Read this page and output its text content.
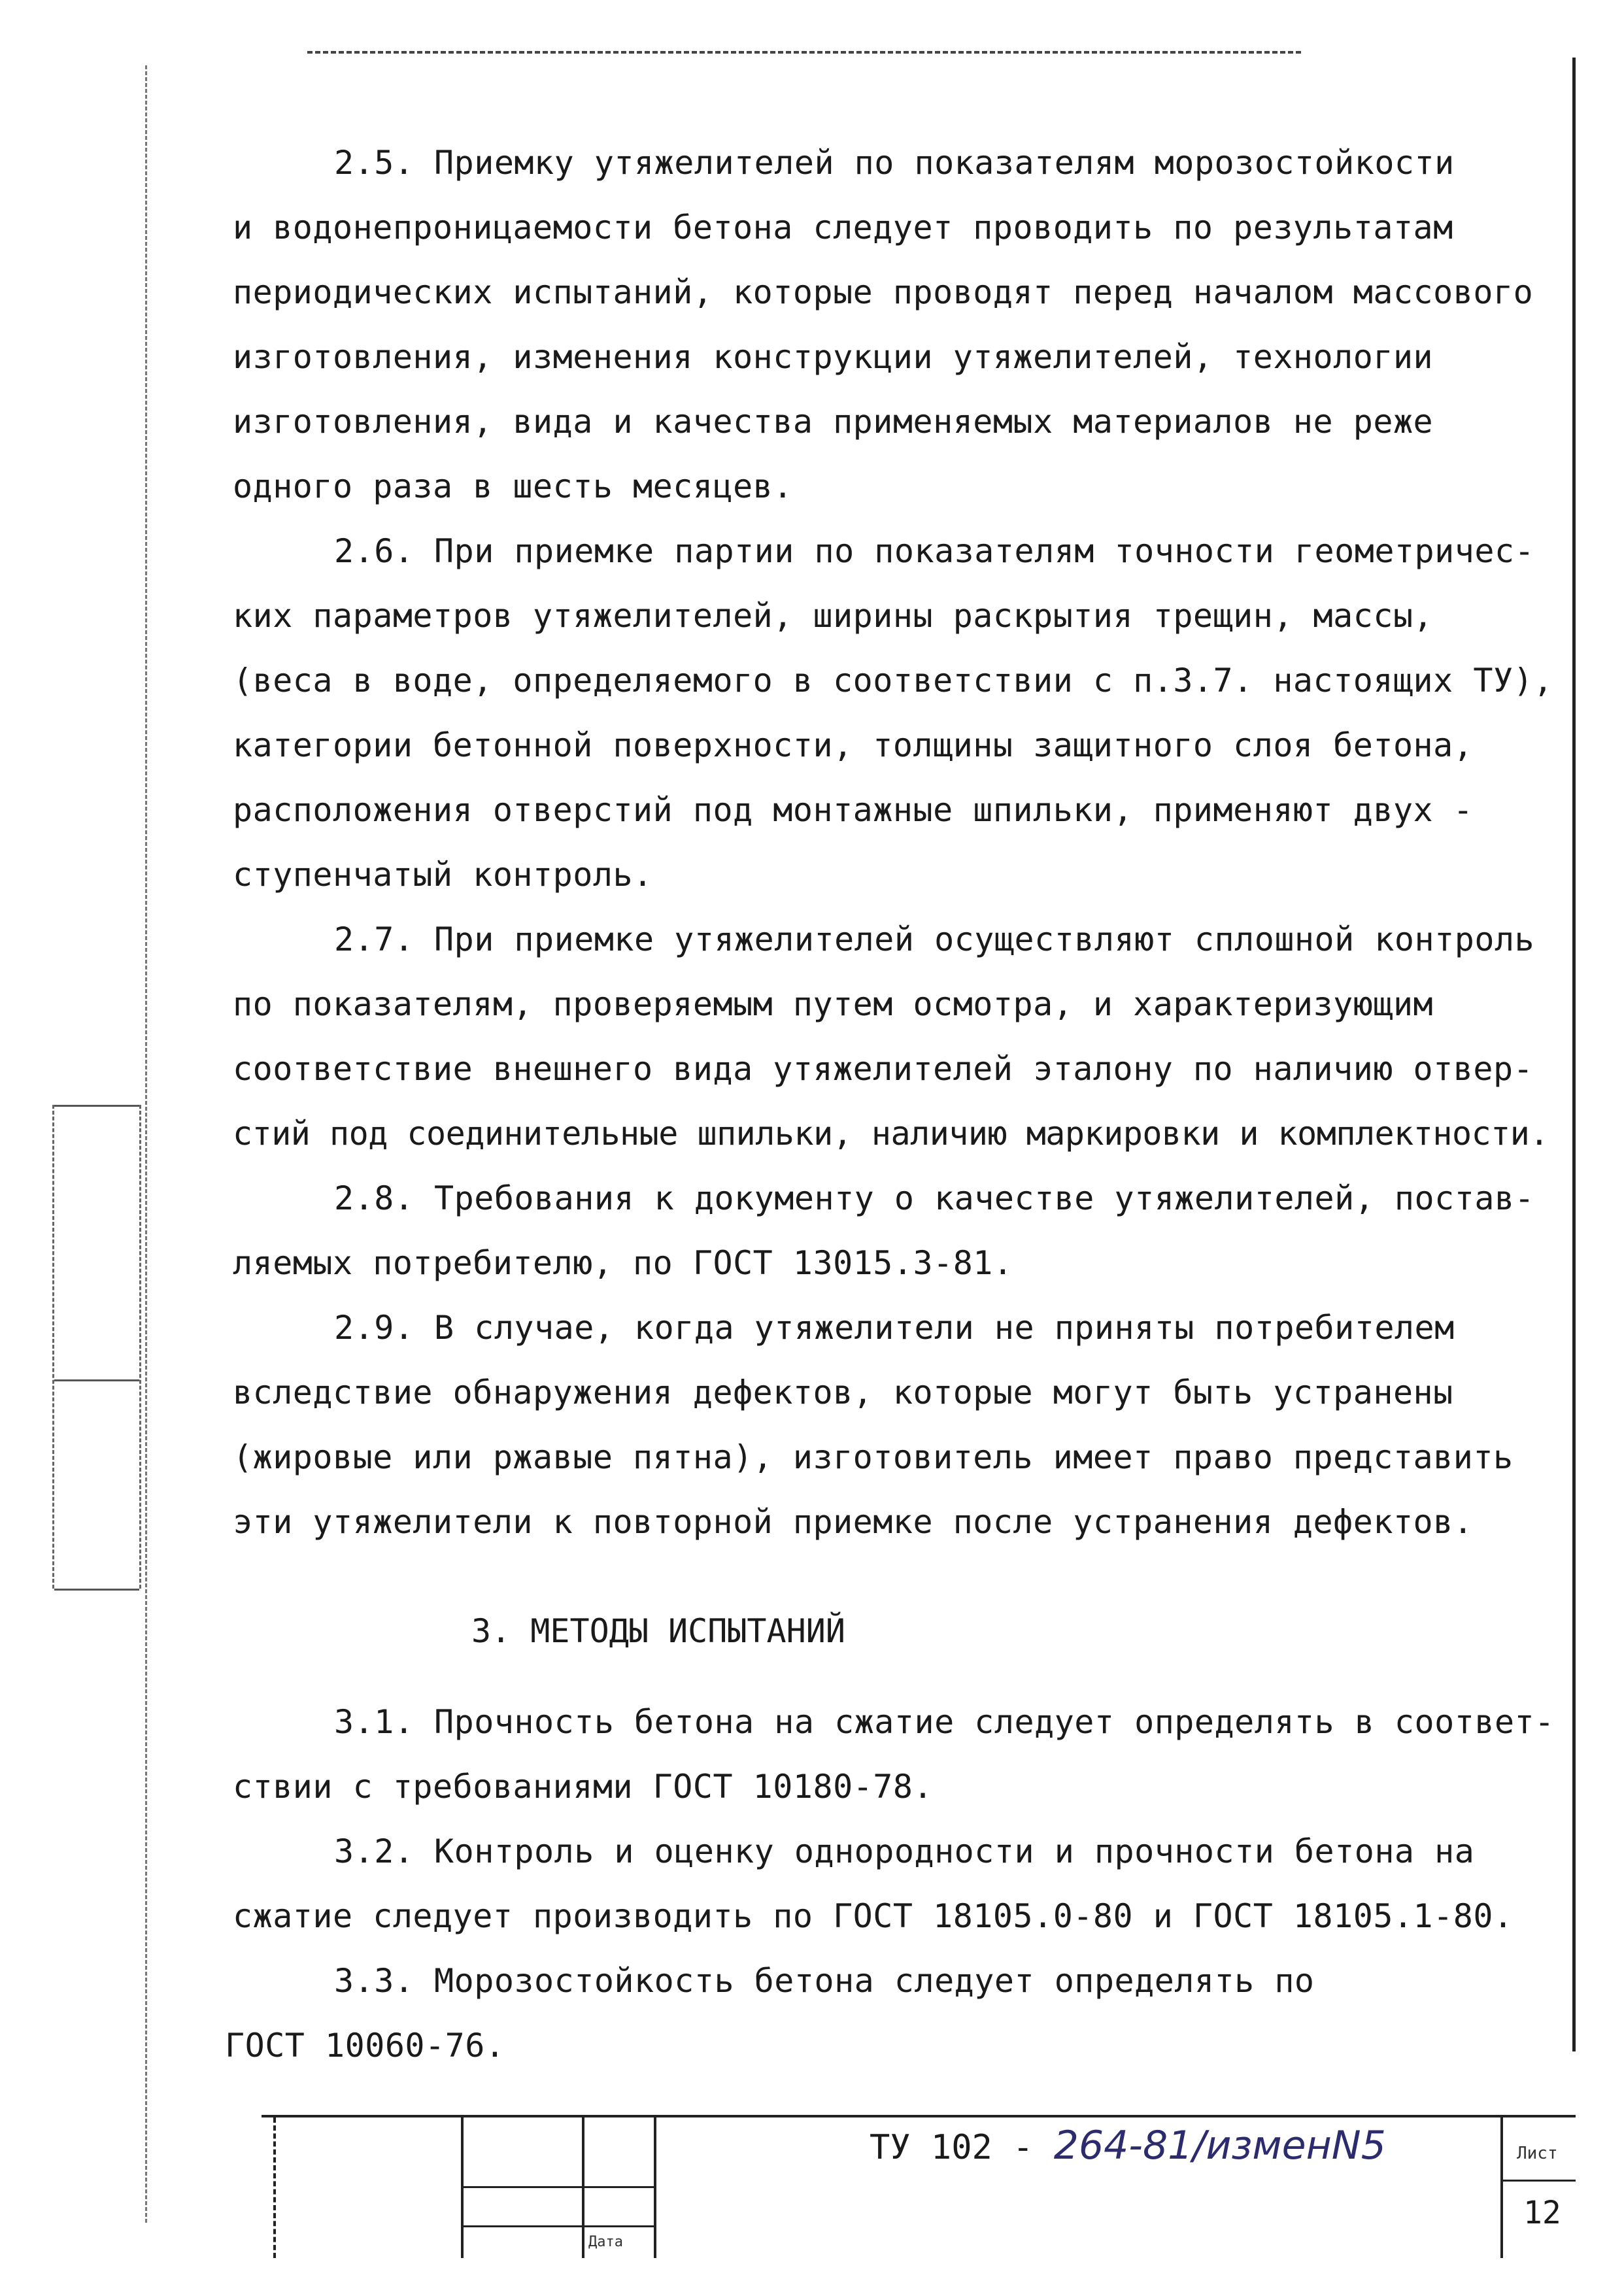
2.5. Приемку утяжелителей по показателям морозостойкости
и водонепроницаемости бетона следует проводить по результатам
периодических испытаний, которые проводят перед началом массового
изготовления, изменения конструкции утяжелителей, технологии
изготовления, вида и качества применяемых материалов не реже
одного раза в шесть месяцев.
2.6. При приемке партии по показателям точности геометричес-
ких параметров утяжелителей, ширины раскрытия трещин, массы,
(веса в воде, определяемого в соответствии с п.3.7. настоящих ТУ),
категории бетонной поверхности, толщины защитного слоя бетона,
расположения отверстий под монтажные шпильки, применяют двух -
ступенчатый контроль.
2.7. При приемке утяжелителей осуществляют сплошной контроль
по показателям, проверяемым путем осмотра, и характеризующим
соответствие внешнего вида утяжелителей эталону по наличию отвер-
стий под соединительные шпильки, наличию маркировки и комплектности.
2.8. Требования к документу о качестве утяжелителей, постав-
ляемых потребителю, по ГОСТ 13015.3-81.
2.9. В случае, когда утяжелители не приняты потребителем
вследствие обнаружения дефектов, которые могут быть устранены
(жировые или ржавые пятна), изготовитель имеет право представить
эти утяжелители к повторной приемке после устранения дефектов.
3. МЕТОДЫ ИСПЫТАНИЙ
3.1. Прочность бетона на сжатие следует определять в соответ-
ствии с требованиями ГОСТ 10180-78.
3.2. Контроль и оценку однородности и прочности бетона на
сжатие следует производить по ГОСТ 18105.0-80 и ГОСТ 18105.1-80.
3.3. Морозостойкость бетона следует определять по
ГОСТ 10060-76.
Дата
ТУ 102 - 264-81/изменN5	Лист
12
